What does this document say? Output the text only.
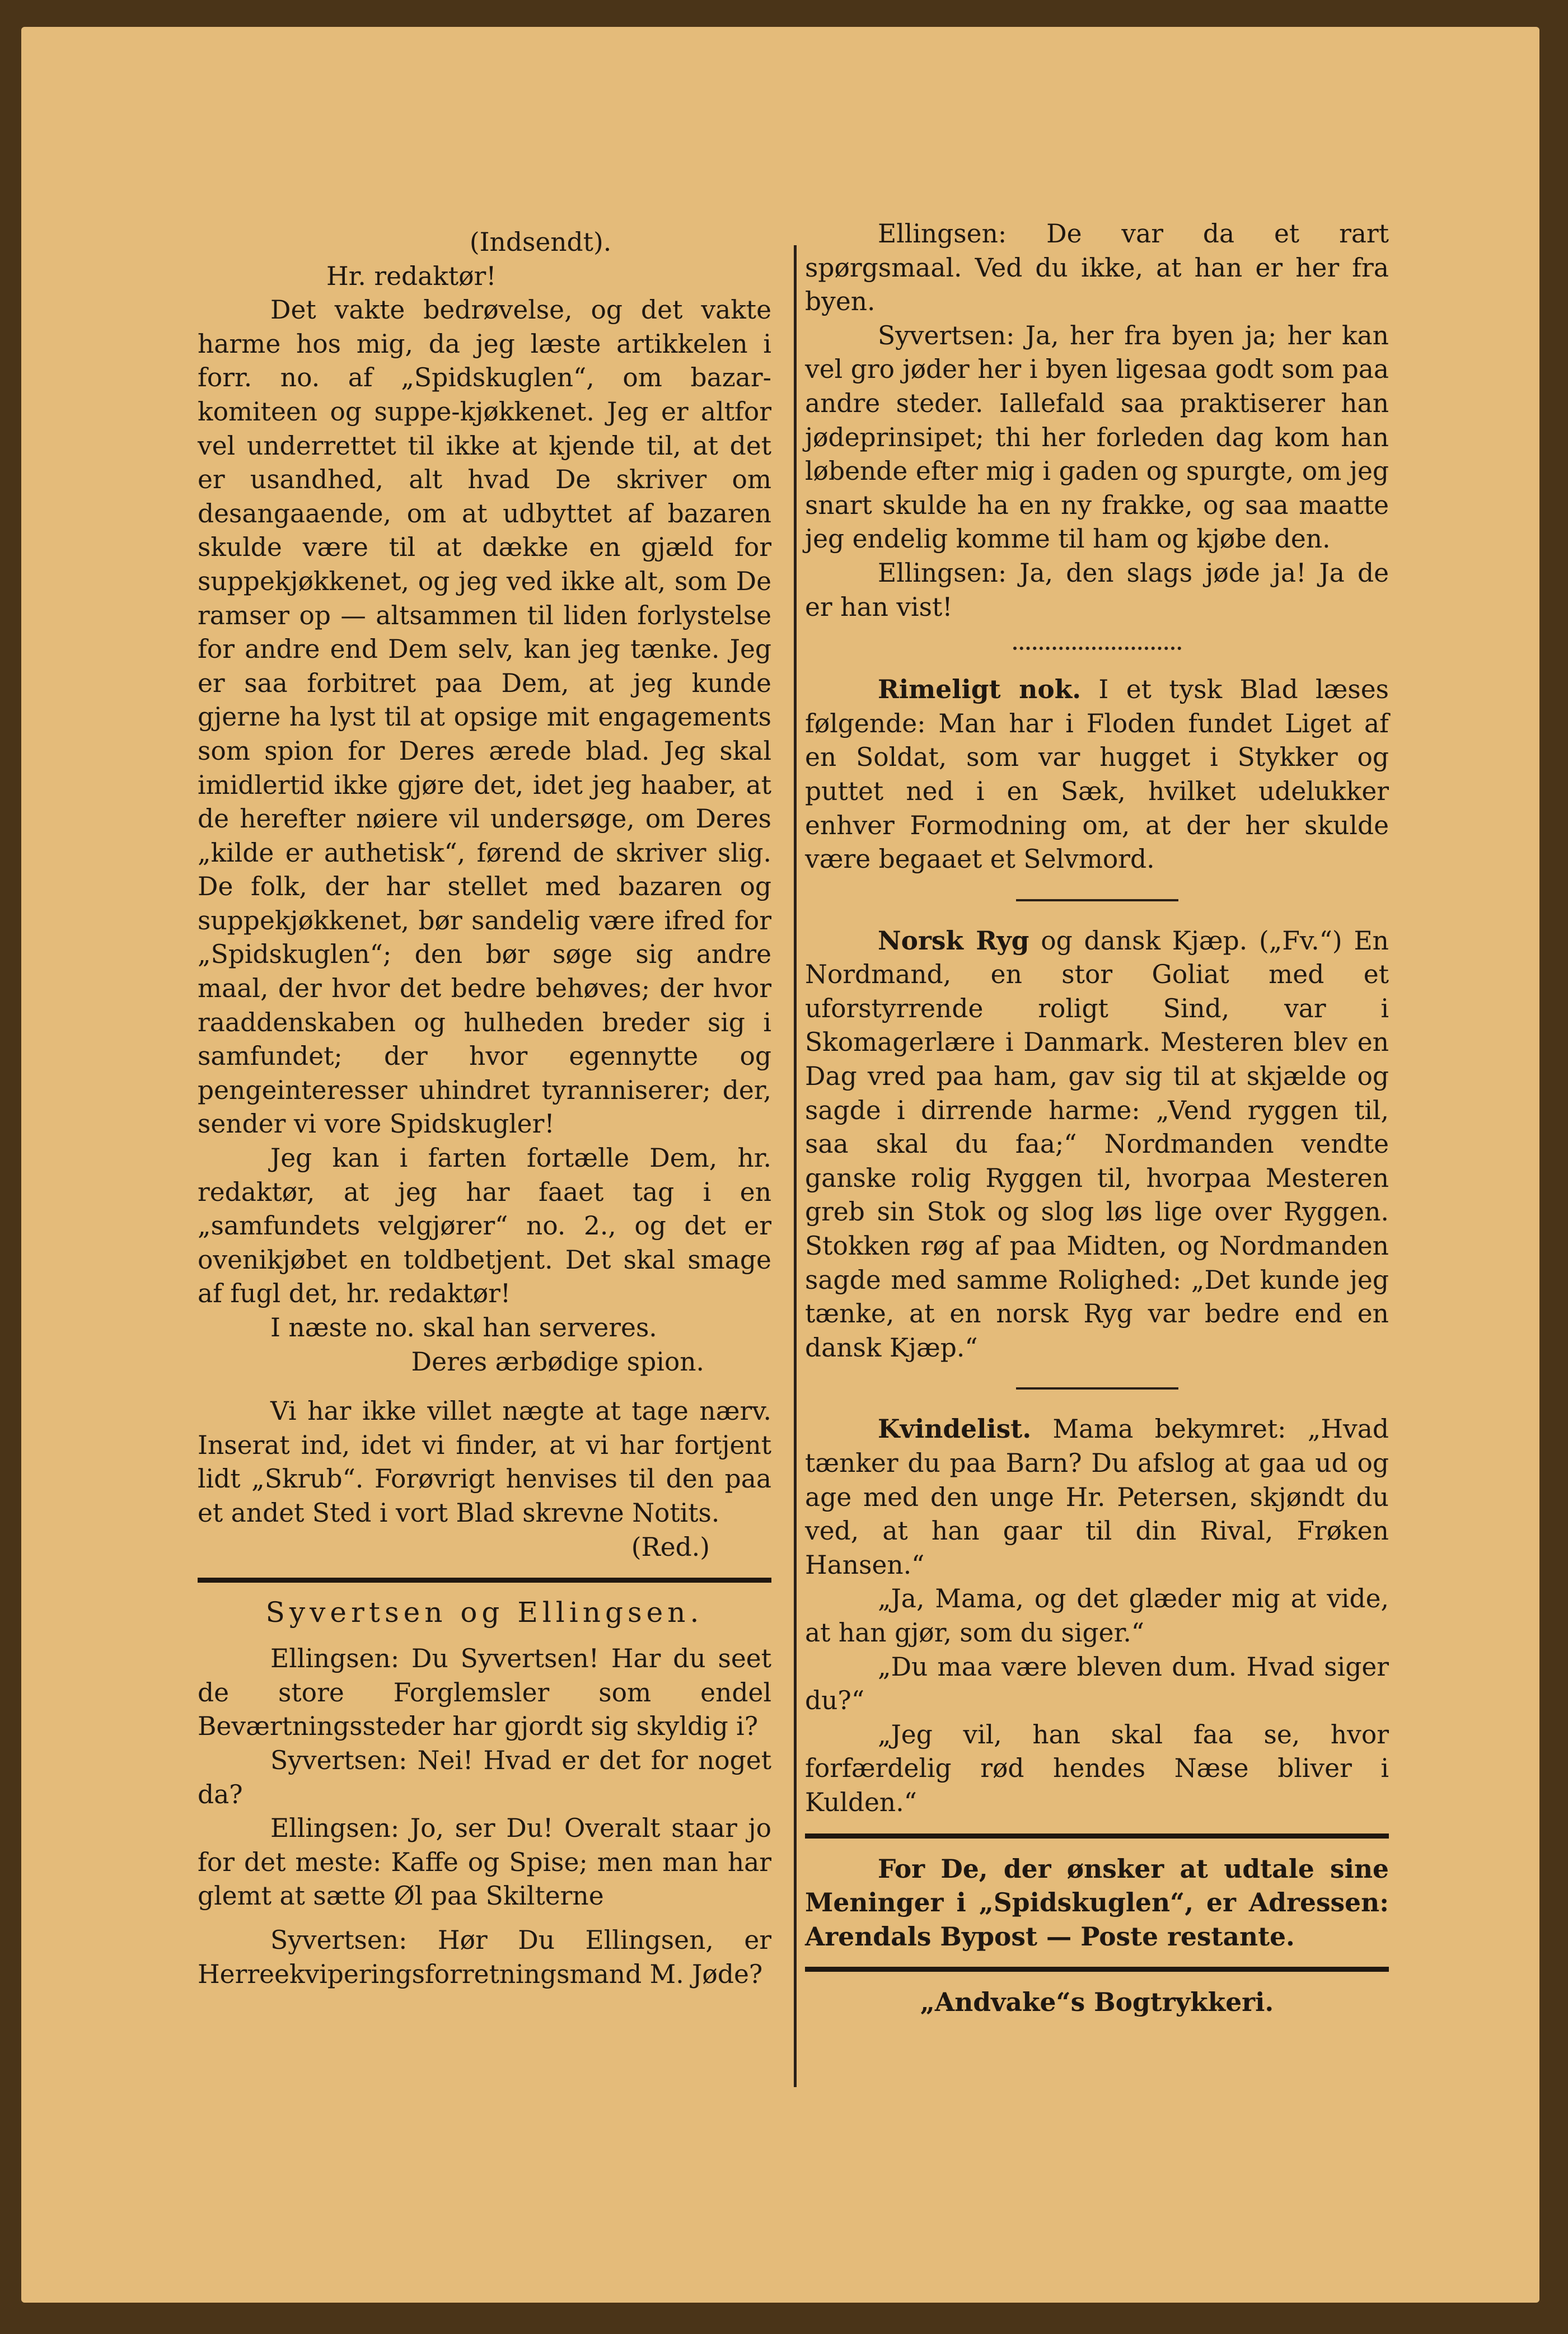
(Indsendt).

Hr. redaktør!

Det vakte bedrøvelse, og det vakte harme hos mig, da jeg læste artikkelen i forr. no. af „Spidskuglen“, om bazar-komiteen og suppe-kjøkkenet. Jeg er altfor vel underrettet til ikke at kjende til, at det er usandhed, alt hvad De skriver om desangaaende, om at udbyttet af bazaren skulde være til at dække en gjæld for suppekjøkkenet, og jeg ved ikke alt, som De ramser op — altsammen til liden forlystelse for andre end Dem selv, kan jeg tænke. Jeg er saa forbitret paa Dem, at jeg kunde gjerne ha lyst til at opsige mit engagements som spion for Deres ærede blad. Jeg skal imidlertid ikke gjøre det, idet jeg haaber, at de herefter nøiere vil undersøge, om Deres „kilde er authetisk“, førend de skriver slig. De folk, der har stellet med bazaren og suppekjøkkenet, bør sandelig være ifred for „Spidskuglen“; den bør søge sig andre maal, der hvor det bedre behøves; der hvor raaddenskaben og hulheden breder sig i samfundet; der hvor egennytte og pengeinteresser uhindret tyranniserer; der, sender vi vore Spidskugler!

Jeg kan i farten fortælle Dem, hr. redaktør, at jeg har faaet tag i en „samfundets velgjører“ no. 2., og det er ovenikjøbet en toldbetjent. Det skal smage af fugl det, hr. redaktør!

I næste no. skal han serveres.

Deres ærbødige spion.

Vi har ikke villet nægte at tage nærv. Inserat ind, idet vi finder, at vi har fortjent lidt „Skrub“. Forøvrigt henvises til den paa et andet Sted i vort Blad skrevne Notits.

(Red.)

Syvertsen og Ellingsen.

Ellingsen: Du Syvertsen! Har du seet de store Forglemsler som endel Beværtningssteder har gjordt sig skyldig i?

Syvertsen: Nei! Hvad er det for noget da?

Ellingsen: Jo, ser Du! Overalt staar jo for det meste: Kaffe og Spise; men man har glemt at sætte Øl paa Skilterne

Syvertsen: Hør Du Ellingsen, er Herreekviperingsforretningsmand M. Jøde?

Ellingsen: De var da et rart spørgsmaal. Ved du ikke, at han er her fra byen.

Syvertsen: Ja, her fra byen ja; her kan vel gro jøder her i byen ligesaa godt som paa andre steder. Iallefald saa praktiserer han jødeprinsipet; thi her forleden dag kom han løbende efter mig i gaden og spurgte, om jeg snart skulde ha en ny frakke, og saa maatte jeg endelig komme til ham og kjøbe den.

Ellingsen: Ja, den slags jøde ja! Ja de er han vist!

Rimeligt nok. I et tysk Blad læses følgende: Man har i Floden fundet Liget af en Soldat, som var hugget i Stykker og puttet ned i en Sæk, hvilket udelukker enhver Formodning om, at der her skulde være begaaet et Selvmord.

Norsk Ryg og dansk Kjæp. („Fv.“) En Nordmand, en stor Goliat med et uforstyrrende roligt Sind, var i Skomagerlære i Danmark. Mesteren blev en Dag vred paa ham, gav sig til at skjælde og sagde i dirrende harme: „Vend ryggen til, saa skal du faa;“ Nordmanden vendte ganske rolig Ryggen til, hvorpaa Mesteren greb sin Stok og slog løs lige over Ryggen. Stokken røg af paa Midten, og Nordmanden sagde med samme Rolighed: „Det kunde jeg tænke, at en norsk Ryg var bedre end en dansk Kjæp.“

Kvindelist. Mama bekymret: „Hvad tænker du paa Barn? Du afslog at gaa ud og age med den unge Hr. Petersen, skjøndt du ved, at han gaar til din Rival, Frøken Hansen.“

„Ja, Mama, og det glæder mig at vide, at han gjør, som du siger.“

„Du maa være bleven dum. Hvad siger du?“

„Jeg vil, han skal faa se, hvor forfærdelig rød hendes Næse bliver i Kulden.“

For De, der ønsker at udtale sine Meninger i „Spidskuglen“, er Adressen: Arendals Bypost — Poste restante.

„Andvake“s Bogtrykkeri.
